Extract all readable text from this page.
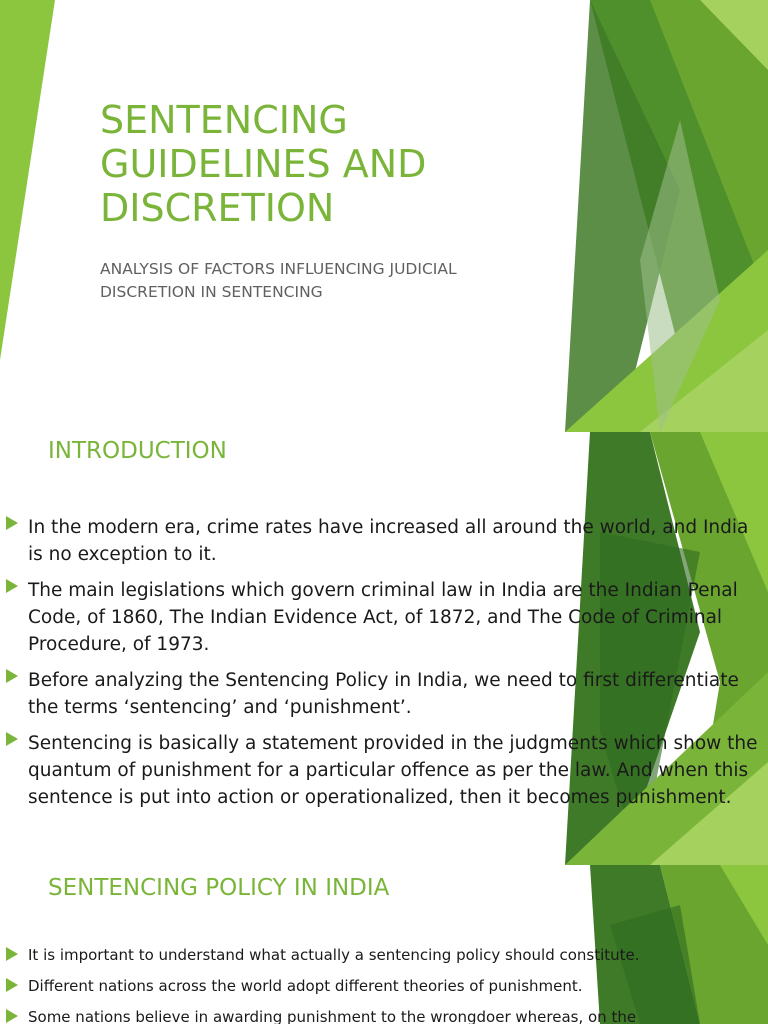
SENTENCING GUIDELINES AND DISCRETION

ANALYSIS OF FACTORS INFLUENCING JUDICIAL DISCRETION IN SENTENCING

INTRODUCTION
In the modern era, crime rates have increased all around the world, and India is no exception to it.
The main legislations which govern criminal law in India are the Indian Penal Code, of 1860, The Indian Evidence Act, of 1872, and The Code of Criminal Procedure, of 1973.
Before analyzing the Sentencing Policy in India, we need to first differentiate the terms ‘sentencing’ and ‘punishment’.
Sentencing is basically a statement provided in the judgments which show the quantum of punishment for a particular offence as per the law. And when this sentence is put into action or operationalized, then it becomes punishment.
SENTENCING POLICY IN INDIA
It is important to understand what actually a sentencing policy should constitute.
Different nations across the world adopt different theories of punishment.
Some nations believe in awarding punishment to the wrongdoer whereas, on the
